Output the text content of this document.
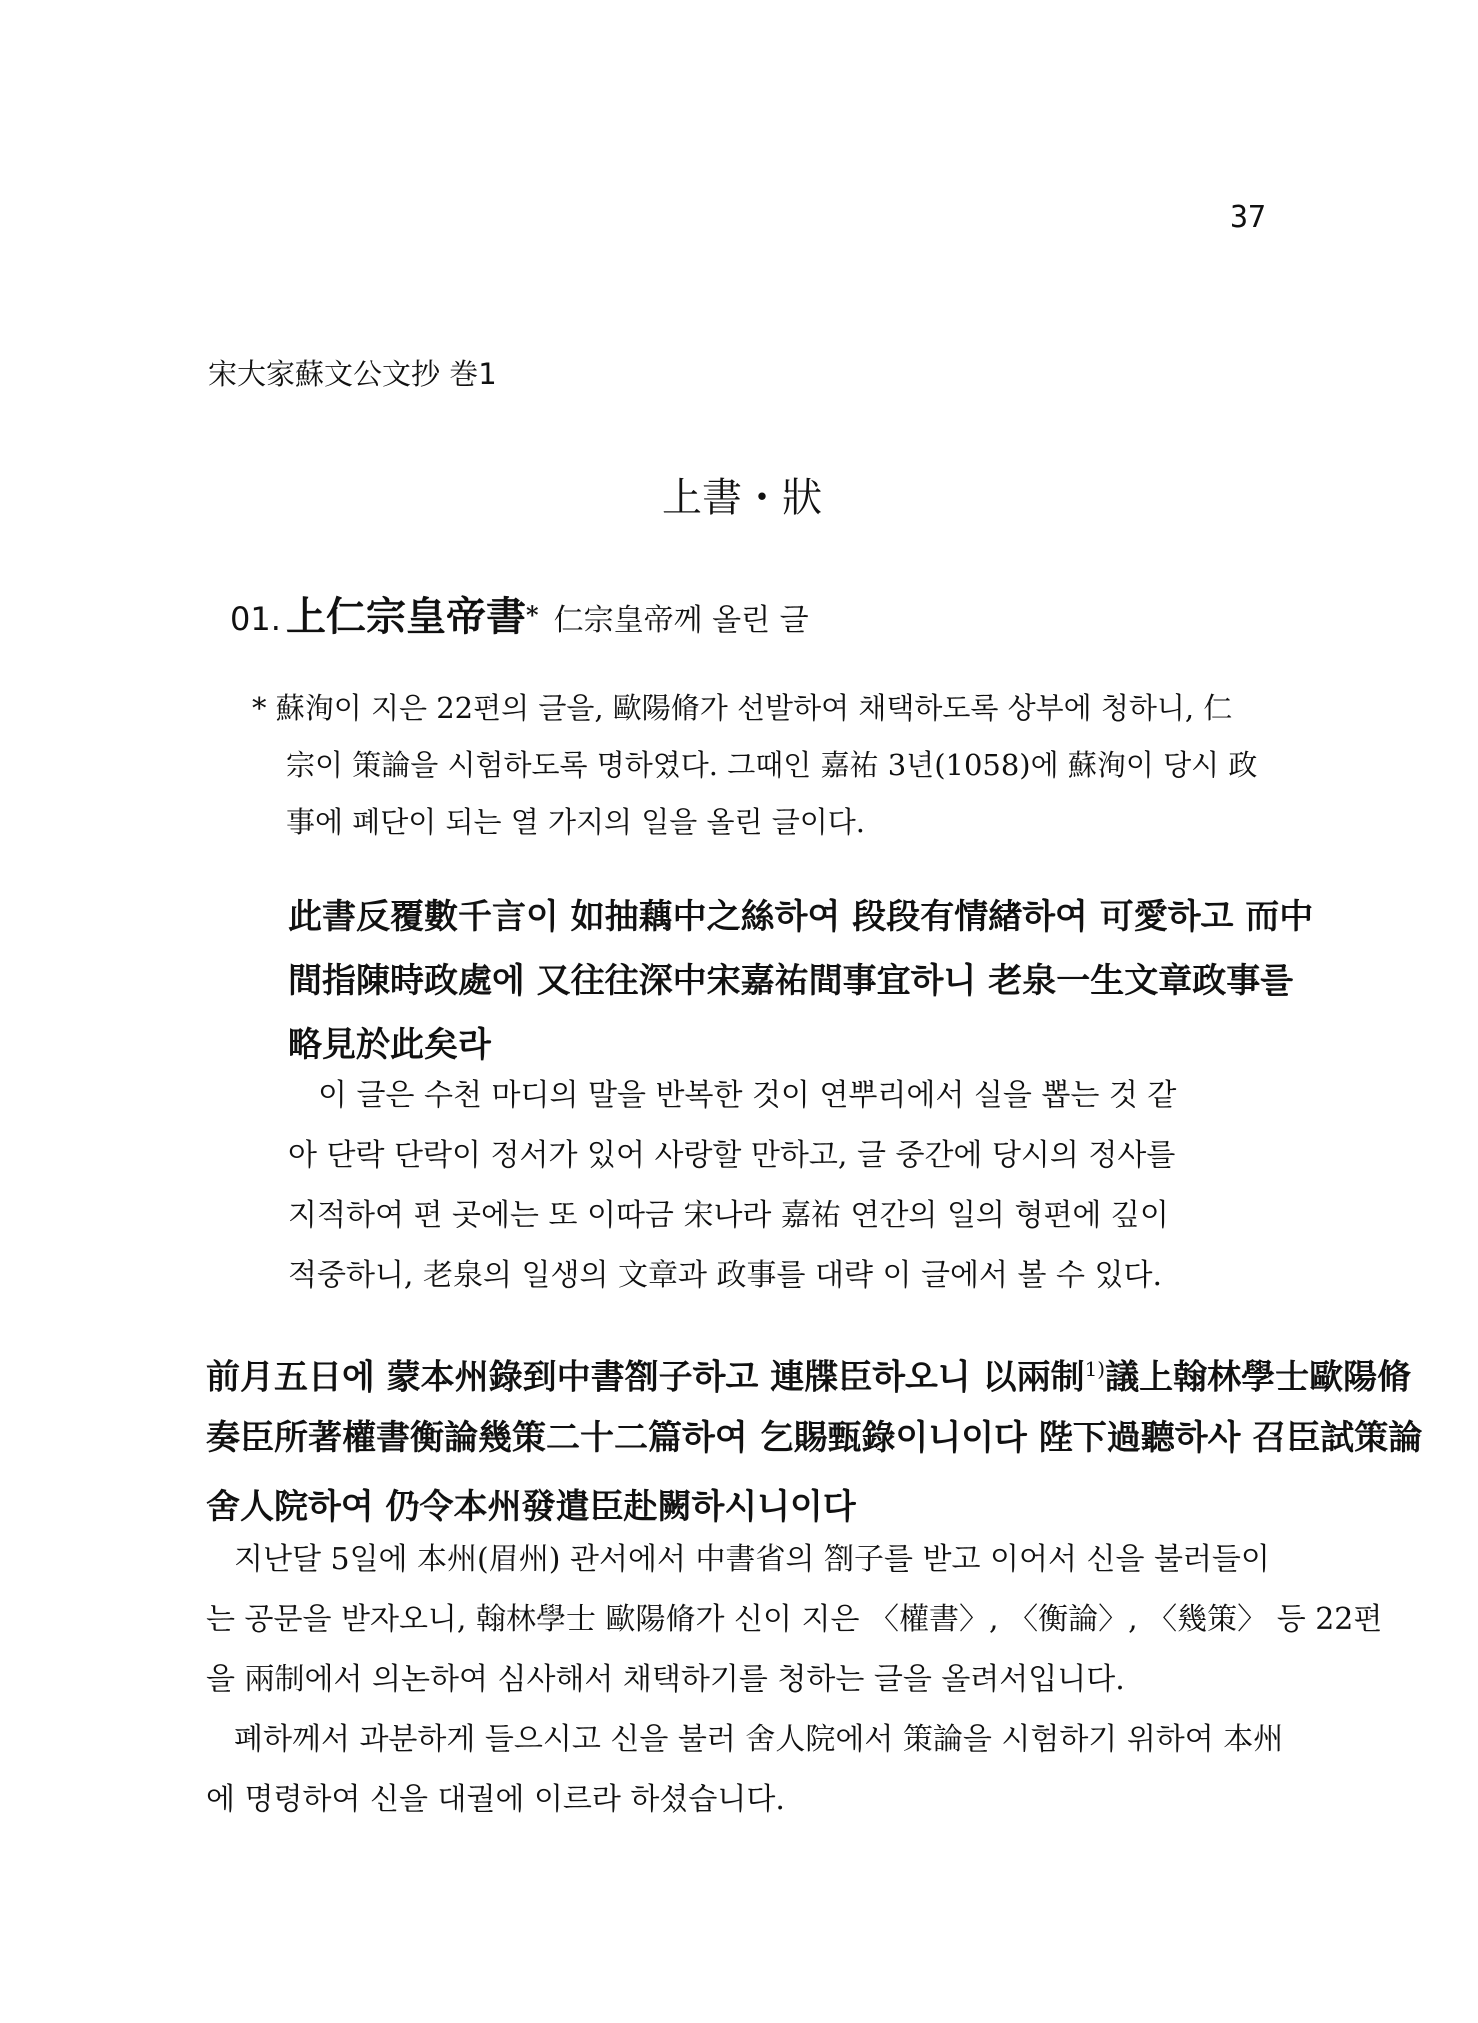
37
宋大家蘇文公文抄 巻1
上書・狀
01. 上仁宗皇帝書* 仁宗皇帝께 올린 글
* 蘇洵이 지은 22편의 글을, 歐陽脩가 선발하여 채택하도록 상부에 청하니, 仁
宗이 策論을 시험하도록 명하였다. 그때인 嘉祐 3년(1058)에 蘇洵이 당시 政
事에 폐단이 되는 열 가지의 일을 올린 글이다.
此書反覆數千言이 如抽藕中之絲하여 段段有情緖하여 可愛하고 而中
間指陳時政處에 又往往深中宋嘉祐間事宜하니 老泉一生文章政事를
略見於此矣라
이 글은 수천 마디의 말을 반복한 것이 연뿌리에서 실을 뽑는 것 같
아 단락 단락이 정서가 있어 사랑할 만하고, 글 중간에 당시의 정사를
지적하여 편 곳에는 또 이따금 宋나라 嘉祐 연간의 일의 형편에 깊이
적중하니, 老泉의 일생의 文章과 政事를 대략 이 글에서 볼 수 있다.
前月五日에 蒙本州錄到中書劄子하고 連牒臣하오니 以兩制$^{1)}$議上翰林學士歐陽脩
奏臣所著權書衡論幾策二十二篇하여 乞賜甄錄이니이다 陛下過聽하사 召臣試策論
舍人院하여 仍令本州發遣臣赴闕하시니이다
지난달 5일에 本州(眉州) 관서에서 中書省의 劄子를 받고 이어서 신을 불러들이
는 공문을 받자오니, 翰林學士 歐陽脩가 신이 지은 〈權書〉, 〈衡論〉, 〈幾策〉 등 22편
을 兩制에서 의논하여 심사해서 채택하기를 청하는 글을 올려서입니다.
폐하께서 과분하게 들으시고 신을 불러 舍人院에서 策論을 시험하기 위하여 本州
에 명령하여 신을 대궐에 이르라 하셨습니다.
